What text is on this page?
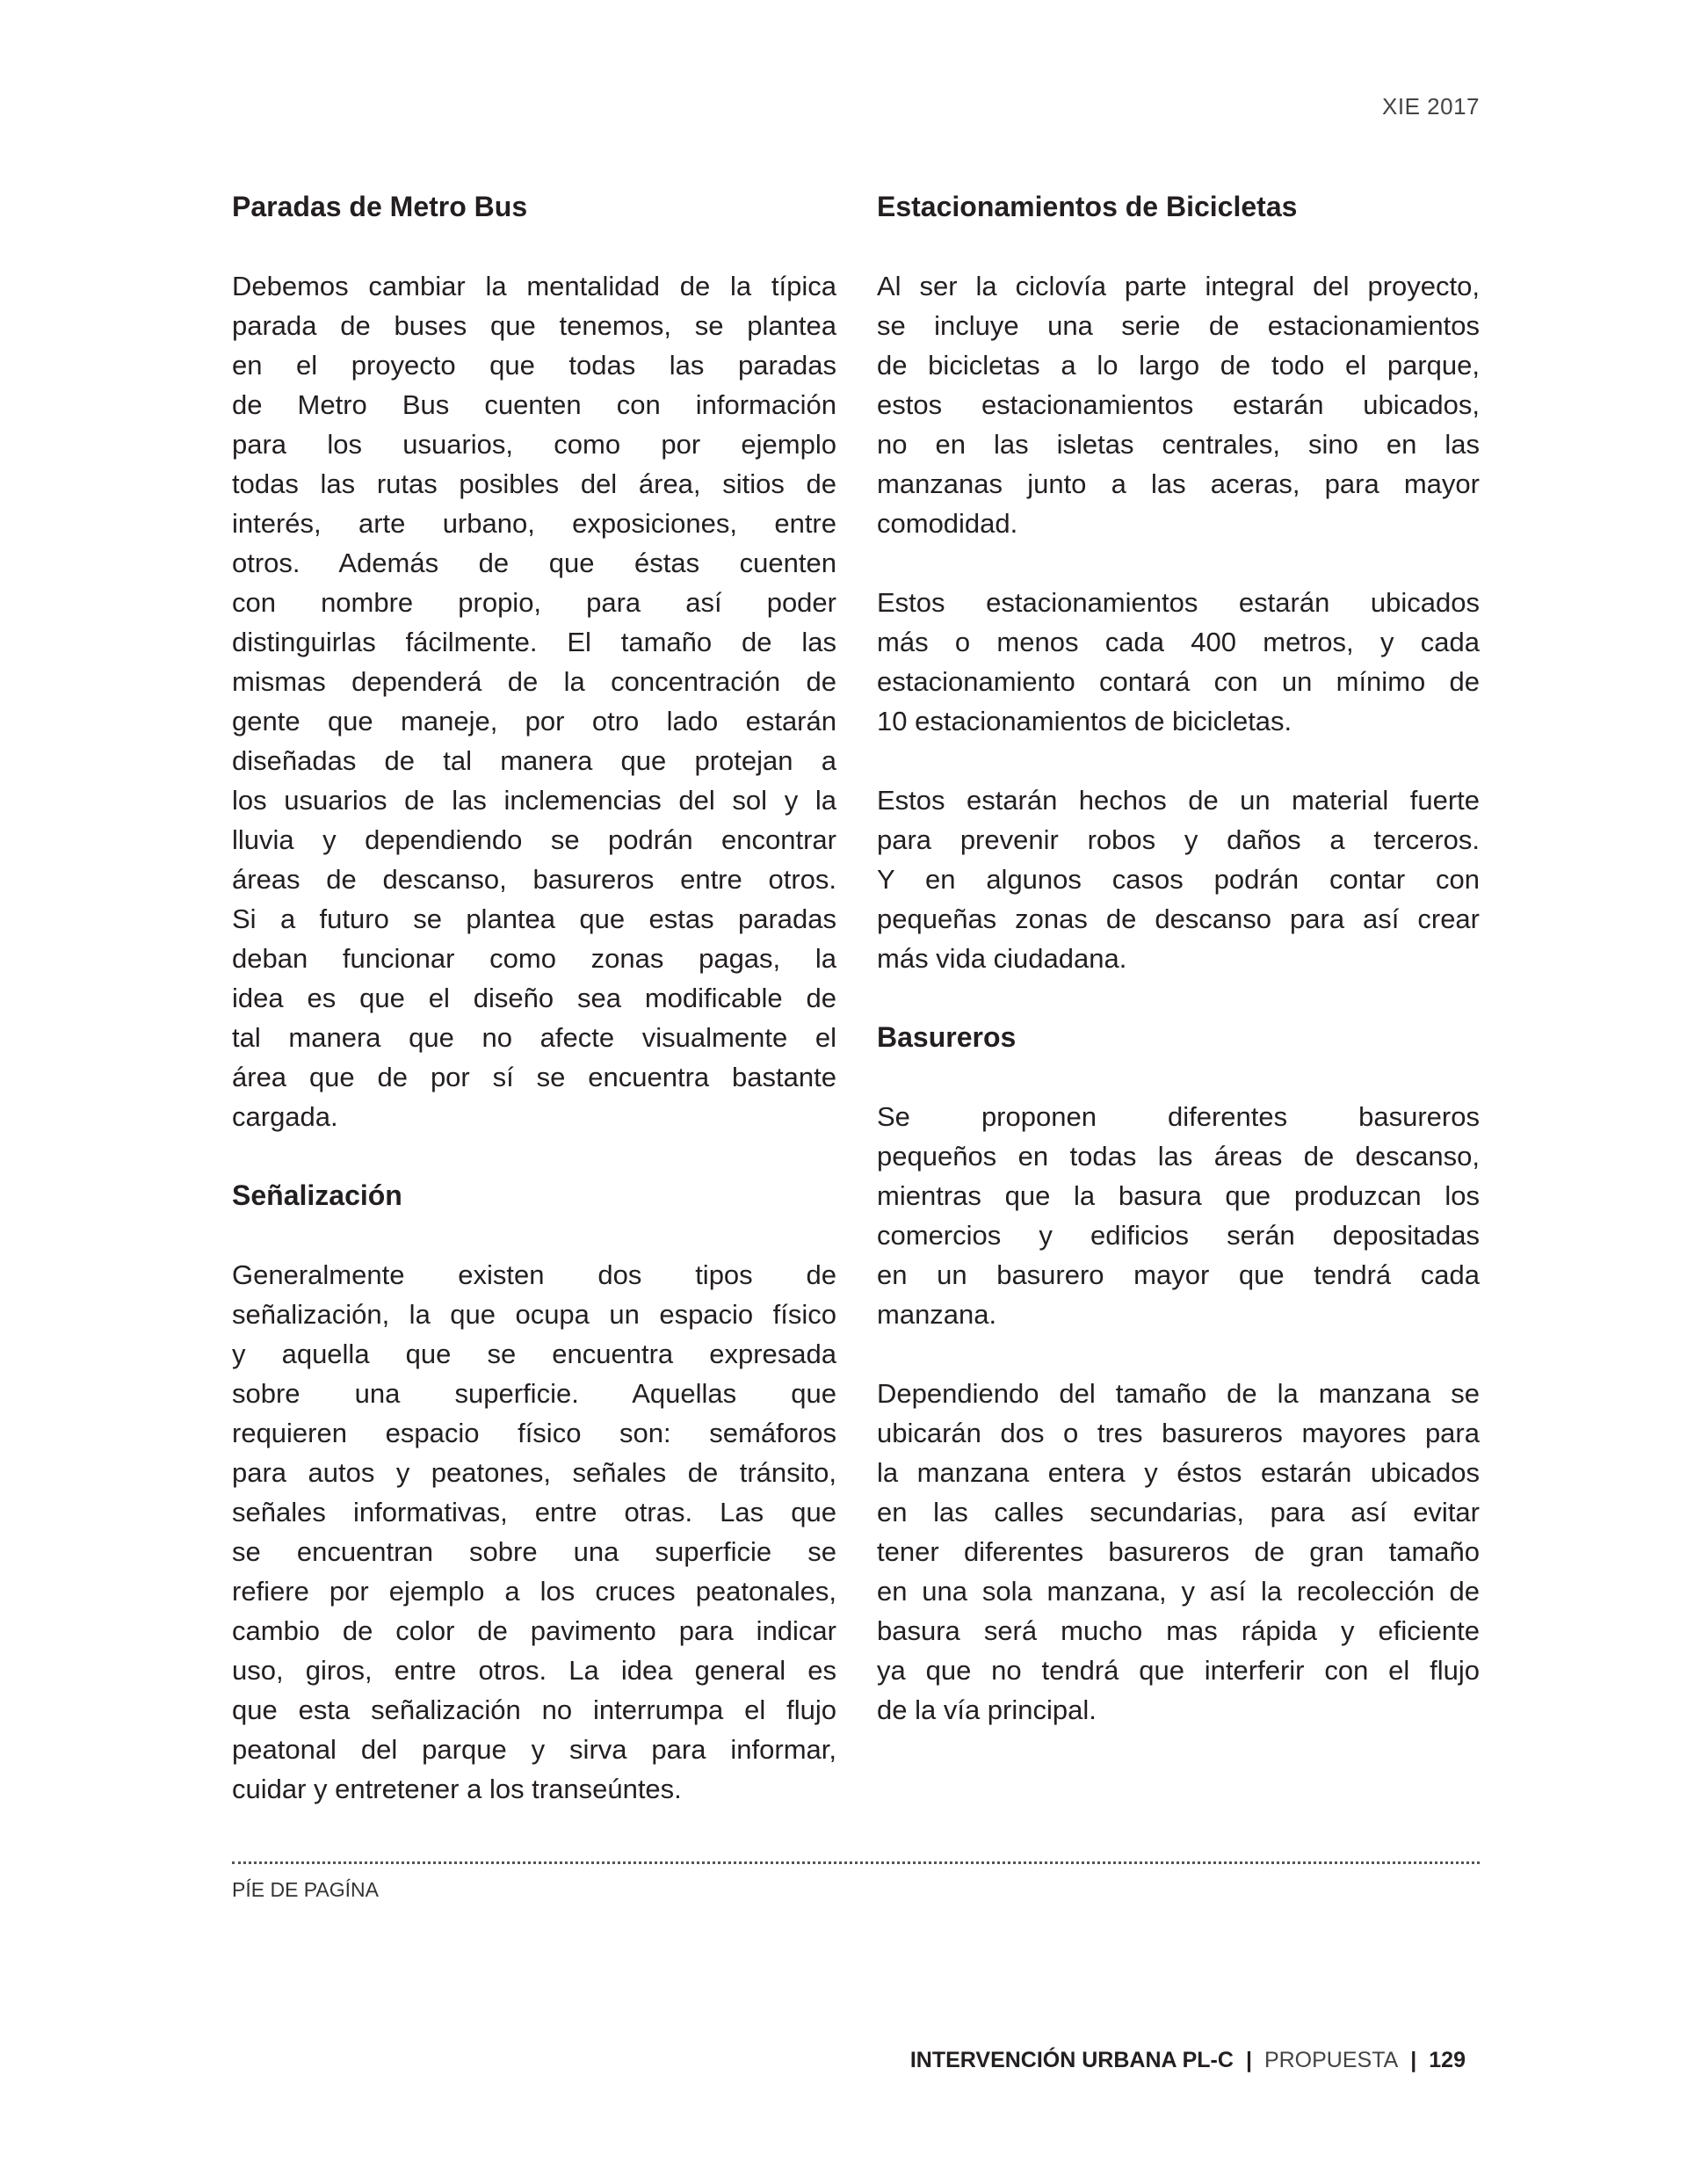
XIE 2017
Paradas de Metro Bus
Debemos cambiar la mentalidad de la típica
parada de buses que tenemos, se plantea
en el proyecto que todas las paradas
de Metro Bus cuenten con información
para los usuarios, como por ejemplo
todas las rutas posibles del área, sitios de
interés, arte urbano, exposiciones, entre
otros. Además de que éstas cuenten
con nombre propio, para así poder
distinguirlas fácilmente. El tamaño de las
mismas dependerá de la concentración de
gente que maneje, por otro lado estarán
diseñadas de tal manera que protejan a
los usuarios de las inclemencias del sol y la
lluvia y dependiendo se podrán encontrar
áreas de descanso, basureros entre otros.
Si a futuro se plantea que estas paradas
deban funcionar como zonas pagas, la
idea es que el diseño sea modificable de
tal manera que no afecte visualmente el
área que de por sí se encuentra bastante
cargada.
Señalización
Generalmente existen dos tipos de
señalización, la que ocupa un espacio físico
y aquella que se encuentra expresada
sobre una superficie. Aquellas que
requieren espacio físico son: semáforos
para autos y peatones, señales de tránsito,
señales informativas, entre otras. Las que
se encuentran sobre una superficie se
refiere por ejemplo a los cruces peatonales,
cambio de color de pavimento para indicar
uso, giros, entre otros. La idea general es
que esta señalización no interrumpa el flujo
peatonal del parque y sirva para informar,
cuidar y entretener a los transeúntes.
Estacionamientos de Bicicletas
Al ser la ciclovía parte integral del proyecto,
se incluye una serie de estacionamientos
de bicicletas a lo largo de todo el parque,
estos estacionamientos estarán ubicados,
no en las isletas centrales, sino en las
manzanas junto a las aceras, para mayor
comodidad.
Estos estacionamientos estarán ubicados
más o menos cada 400 metros, y cada
estacionamiento contará con un mínimo de
10 estacionamientos de bicicletas.
Estos estarán hechos de un material fuerte
para prevenir robos y daños a terceros.
Y en algunos casos podrán contar con
pequeñas zonas de descanso para así crear
más vida ciudadana.
Basureros
Se proponen diferentes basureros
pequeños en todas las áreas de descanso,
mientras que la basura que produzcan los
comercios y edificios serán depositadas
en un basurero mayor que tendrá cada
manzana.
Dependiendo del tamaño de la manzana se
ubicarán dos o tres basureros mayores para
la manzana entera y éstos estarán ubicados
en las calles secundarias, para así evitar
tener diferentes basureros de gran tamaño
en una sola manzana, y así la recolección de
basura será mucho mas rápida y eficiente
ya que no tendrá que interferir con el flujo
de la vía principal.
PÍE DE PAGÍNA
INTERVENCIÓN URBANA PL-C | PROPUESTA | 129
